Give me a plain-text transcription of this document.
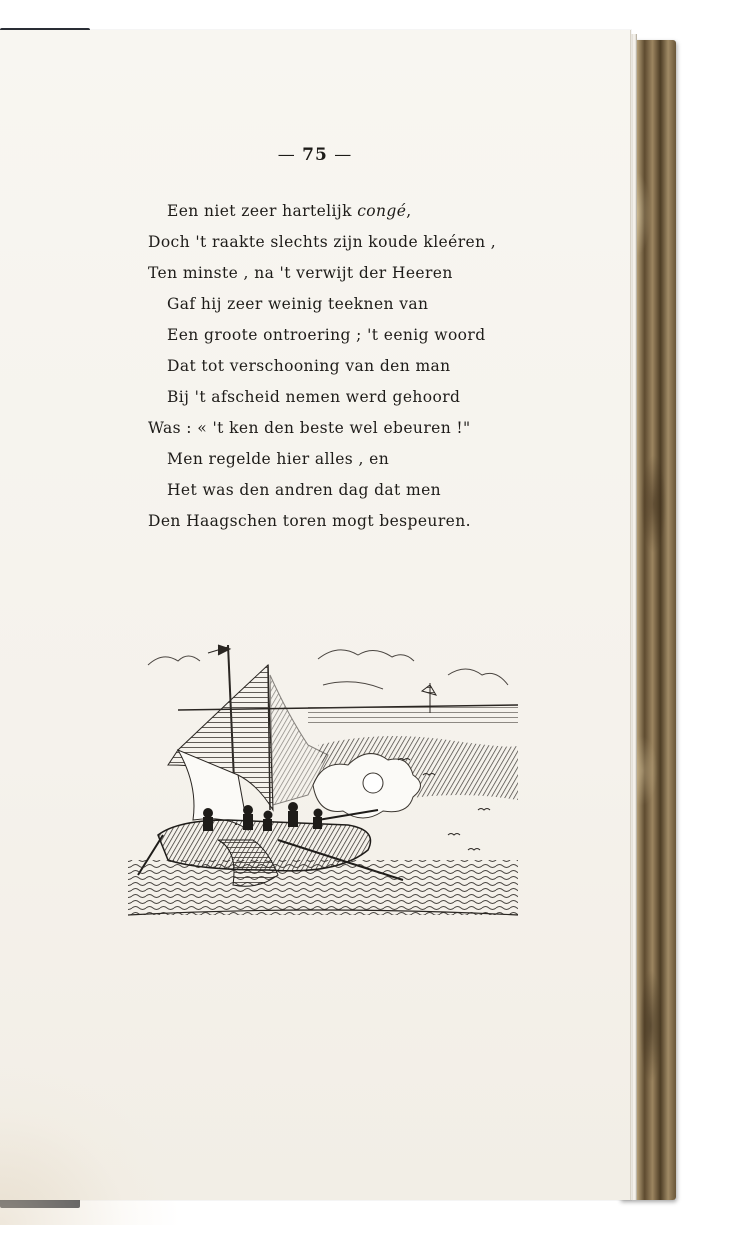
— 75 —
Een niet zeer hartelijk congé,
Doch 't raakte slechts zijn koude kleéren ,
Ten minste , na 't verwijt der Heeren
Gaf hij zeer weinig teeknen van
Een groote ontroering ; 't eenig woord
Dat tot verschooning van den man
Bij 't afscheid nemen werd gehoord
Was : « 't ken den beste wel ebeuren !"
Men regelde hier alles , en
Het was den andren dag dat men
Den Haagschen toren mogt bespeuren.
